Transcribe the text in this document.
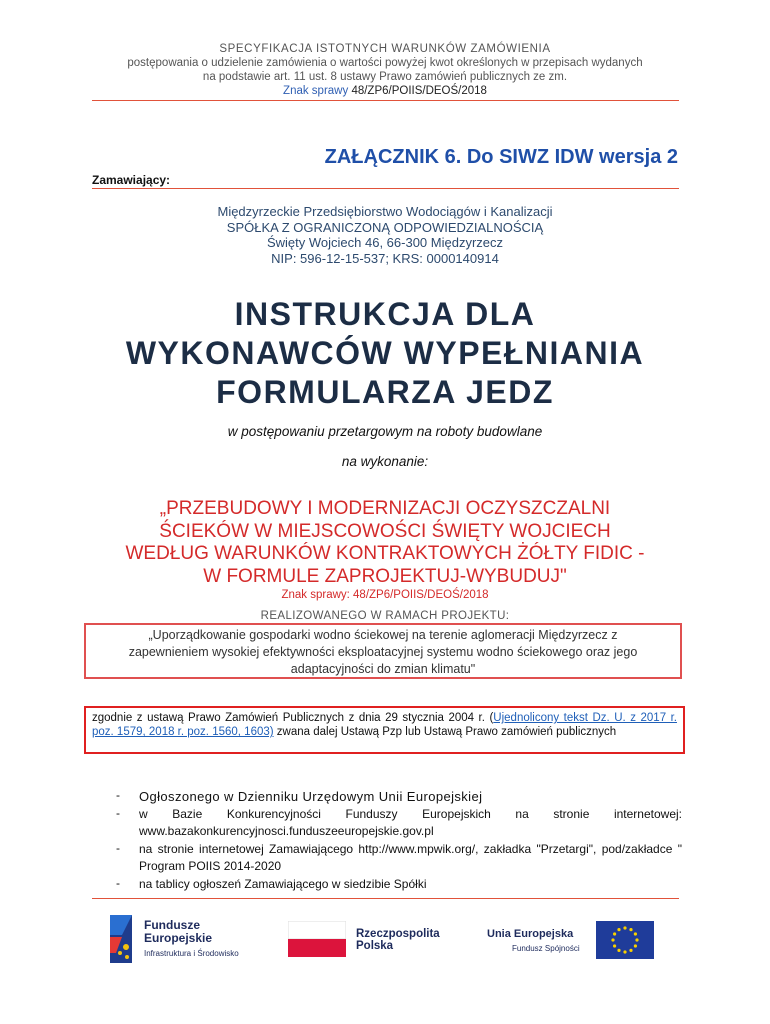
SPECYFIKACJA ISTOTNYCH WARUNKÓW ZAMÓWIENIA
postępowania o udzielenie zamówienia o wartości powyżej kwot określonych w przepisach wydanych
na podstawie art. 11 ust. 8 ustawy Prawo zamówień publicznych ze zm.
Znak sprawy 48/ZP6/POIIS/DEOŚ/2018
ZAŁĄCZNIK 6. Do SIWZ IDW wersja 2
Zamawiający:
Międzyrzeckie Przedsiębiorstwo Wodociągów i Kanalizacji
SPÓŁKA Z OGRANICZONĄ ODPOWIEDZIALNOŚCIĄ
Święty Wojciech 46, 66-300 Międzyrzecz
NIP: 596-12-15-537; KRS: 0000140914
INSTRUKCJA DLA
WYKONAWCÓW WYPEŁNIANIA
FORMULARZA JEDZ
w postępowaniu przetargowym na roboty budowlane
na wykonanie:
„PRZEBUDOWY I MODERNIZACJI OCZYSZCZALNI
ŚCIEKÓW W MIEJSCOWOŚCI ŚWIĘTY WOJCIECH
WEDŁUG WARUNKÓW KONTRAKTOWYCH ŻÓŁTY FIDIC -
W FORMULE ZAPROJEKTUJ-WYBUDUJ"
Znak sprawy: 48/ZP6/POIIS/DEOŚ/2018
REALIZOWANEGO W RAMACH PROJEKTU:
„Uporządkowanie gospodarki wodno ściekowej na terenie aglomeracji Międzyrzecz z
zapewnieniem wysokiej efektywności eksploatacyjnej systemu wodno ściekowego oraz jego
adaptacyjności do zmian klimatu"
zgodnie z ustawą Prawo Zamówień Publicznych z dnia 29 stycznia 2004 r. (Ujednolicony tekst Dz. U. z 2017 r. poz. 1579, 2018 r. poz. 1560, 1603) zwana dalej Ustawą Pzp lub Ustawą Prawo zamówień publicznych
-	Ogłoszonego w Dzienniku Urzędowym Unii Europejskiej
-	w Bazie Konkurencyjności Funduszy Europejskich na stronie internetowej: www.bazakonkurencyjnosci.funduszeeuropejskie.gov.pl
-	na stronie internetowej Zamawiającego http://www.mpwik.org/, zakładka "Przetargi", pod/zakładce " Program POIIS 2014-2020
-	na tablicy ogłoszeń Zamawiającego w siedzibie Spółki
Fundusze
Europejskie
Infrastruktura i Środowisko
Rzeczpospolita
Polska
Unia Europejska
Fundusz Spójności
